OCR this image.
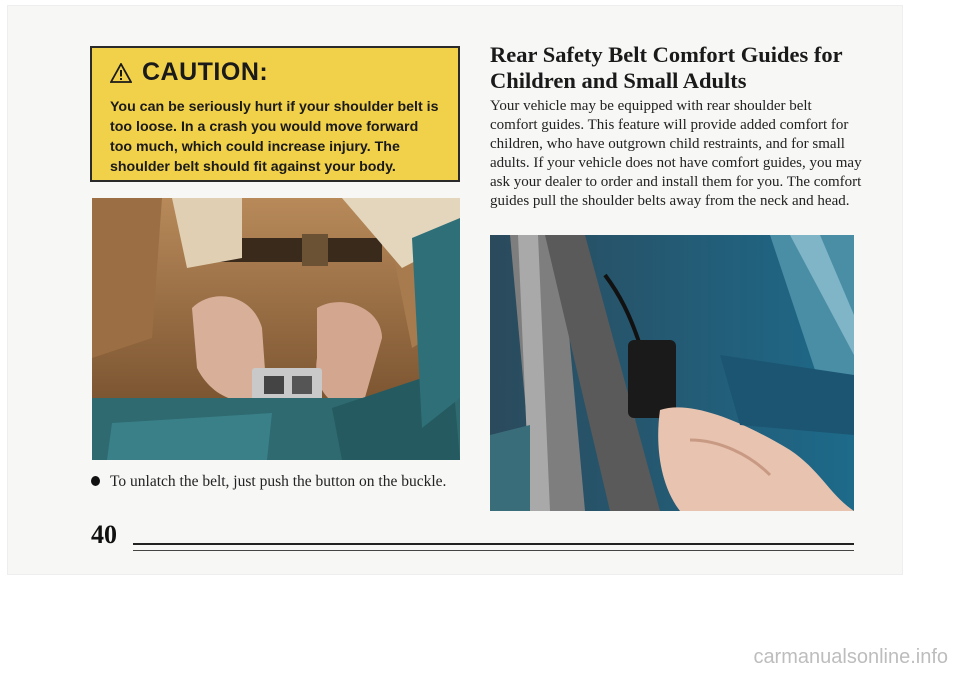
CAUTION:
You can be seriously hurt if your shoulder belt is too loose. In a crash you would move forward too much, which could increase injury. The shoulder belt should fit against your body.
To unlatch the belt, just push the button on the buckle.
Rear Safety Belt Comfort Guides for Children and Small Adults

Your vehicle may be equipped with rear shoulder belt comfort guides. This feature will provide added comfort for children, who have outgrown child restraints, and for small adults. If your vehicle does not have comfort guides, you may ask your dealer to order and install them for you. The comfort guides pull the shoulder belts away from the neck and head.

40
carmanualsonline.info
